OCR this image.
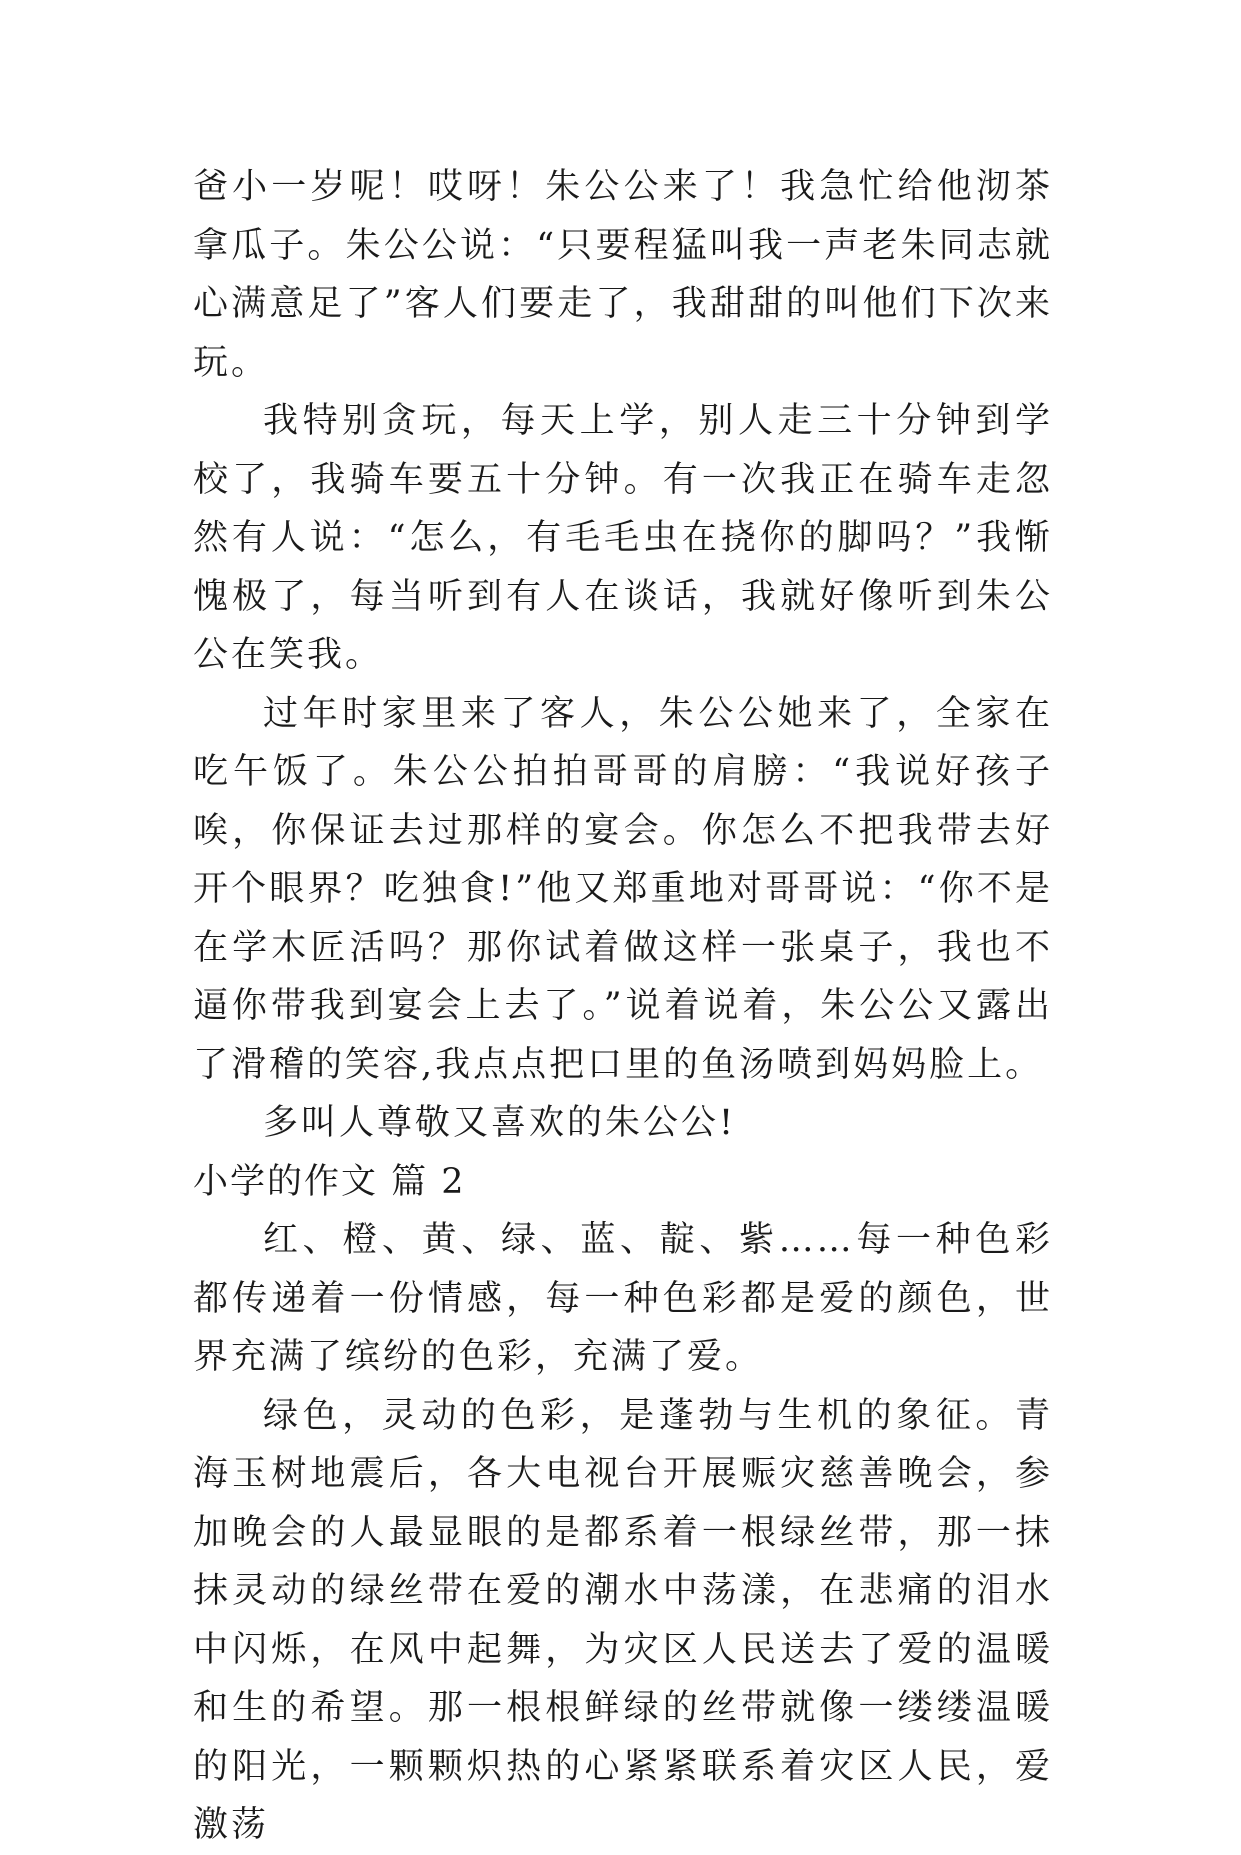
爸小一岁呢！哎呀！朱公公来了！我急忙给他沏茶拿瓜子。朱公公说：“只要程猛叫我一声老朱同志就心满意足了”客人们要走了，我甜甜的叫他们下次来玩。

我特别贪玩，每天上学，别人走三十分钟到学校了，我骑车要五十分钟。有一次我正在骑车走忽然有人说：“怎么，有毛毛虫在挠你的脚吗？”我惭愧极了，每当听到有人在谈话，我就好像听到朱公公在笑我。

过年时家里来了客人，朱公公她来了，全家在吃午饭了。朱公公拍拍哥哥的肩膀：“我说好孩子唉，你保证去过那样的宴会。你怎么不把我带去好开个眼界？吃独食!”他又郑重地对哥哥说：“你不是在学木匠活吗？那你试着做这样一张桌子，我也不逼你带我到宴会上去了。”说着说着，朱公公又露出了滑稽的笑容,我点点把口里的鱼汤喷到妈妈脸上。

多叫人尊敬又喜欢的朱公公!

小学的作文 篇 2

红、橙、黄、绿、蓝、靛、紫……每一种色彩都传递着一份情感，每一种色彩都是爱的颜色，世界充满了缤纷的色彩，充满了爱。

绿色，灵动的色彩，是蓬勃与生机的象征。青海玉树地震后，各大电视台开展赈灾慈善晚会，参加晚会的人最显眼的是都系着一根绿丝带，那一抹抹灵动的绿丝带在爱的潮水中荡漾，在悲痛的泪水中闪烁，在风中起舞，为灾区人民送去了爱的温暖和生的希望。那一根根鲜绿的丝带就像一缕缕温暖的阳光，一颗颗炽热的心紧紧联系着灾区人民，爱激荡
